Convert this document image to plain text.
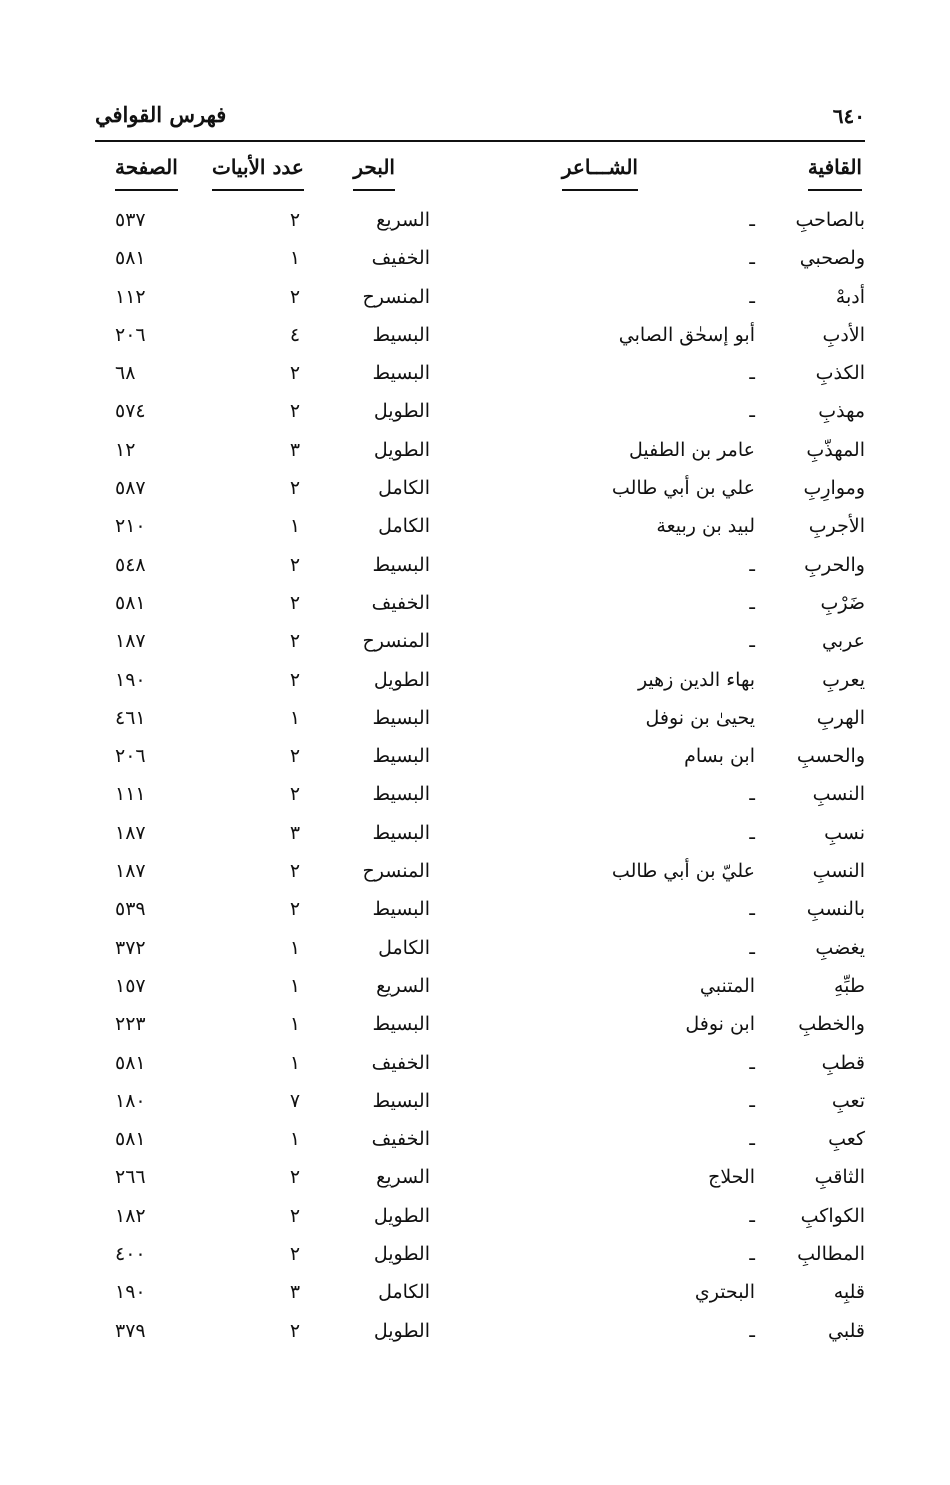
٦٤٠
فهرس القوافي
القافية
الشـــاعر
البحر
عدد الأبيات
الصفحة
بالصاحبِ
ـ
السريع
٢
٥٣٧
ولصحبي
ـ
الخفيف
١
٥٨١
أدبهْ
ـ
المنسرح
٢
١١٢
الأدبِ
أبو إسحٰق الصابي
البسيط
٤
٢٠٦
الكذبِ
ـ
البسيط
٢
٦٨
مهذبِ
ـ
الطويل
٢
٥٧٤
المهذّبِ
عامر بن الطفيل
الطويل
٣
١٢
وموارِبِ
علي بن أبي طالب
الكامل
٢
٥٨٧
الأجربِ
لبيد بن ربيعة
الكامل
١
٢١٠
والحربِ
ـ
البسيط
٢
٥٤٨
ضَرْبِ
ـ
الخفيف
٢
٥٨١
عربي
ـ
المنسرح
٢
١٨٧
يعربِ
بهاء الدين زهير
الطويل
٢
١٩٠
الهربِ
يحيىٰ بن نوفل
البسيط
١
٤٦١
والحسبِ
ابن بسام
البسيط
٢
٢٠٦
النسبِ
ـ
البسيط
٢
١١١
نسبِ
ـ
البسيط
٣
١٨٧
النسبِ
عليّ بن أبي طالب
المنسرح
٢
١٨٧
بالنسبِ
ـ
البسيط
٢
٥٣٩
يغضبِ
ـ
الكامل
١
٣٧٢
طبِّهِ
المتنبي
السريع
١
١٥٧
والخطبِ
ابن نوفل
البسيط
١
٢٢٣
قطبِ
ـ
الخفيف
١
٥٨١
تعبِ
ـ
البسيط
٧
١٨٠
كعبِ
ـ
الخفيف
١
٥٨١
الثاقبِ
الحلاج
السريع
٢
٢٦٦
الكواكبِ
ـ
الطويل
٢
١٨٢
المطالبِ
ـ
الطويل
٢
٤٠٠
قلبِه
البحتري
الكامل
٣
١٩٠
قلبي
ـ
الطويل
٢
٣٧٩
